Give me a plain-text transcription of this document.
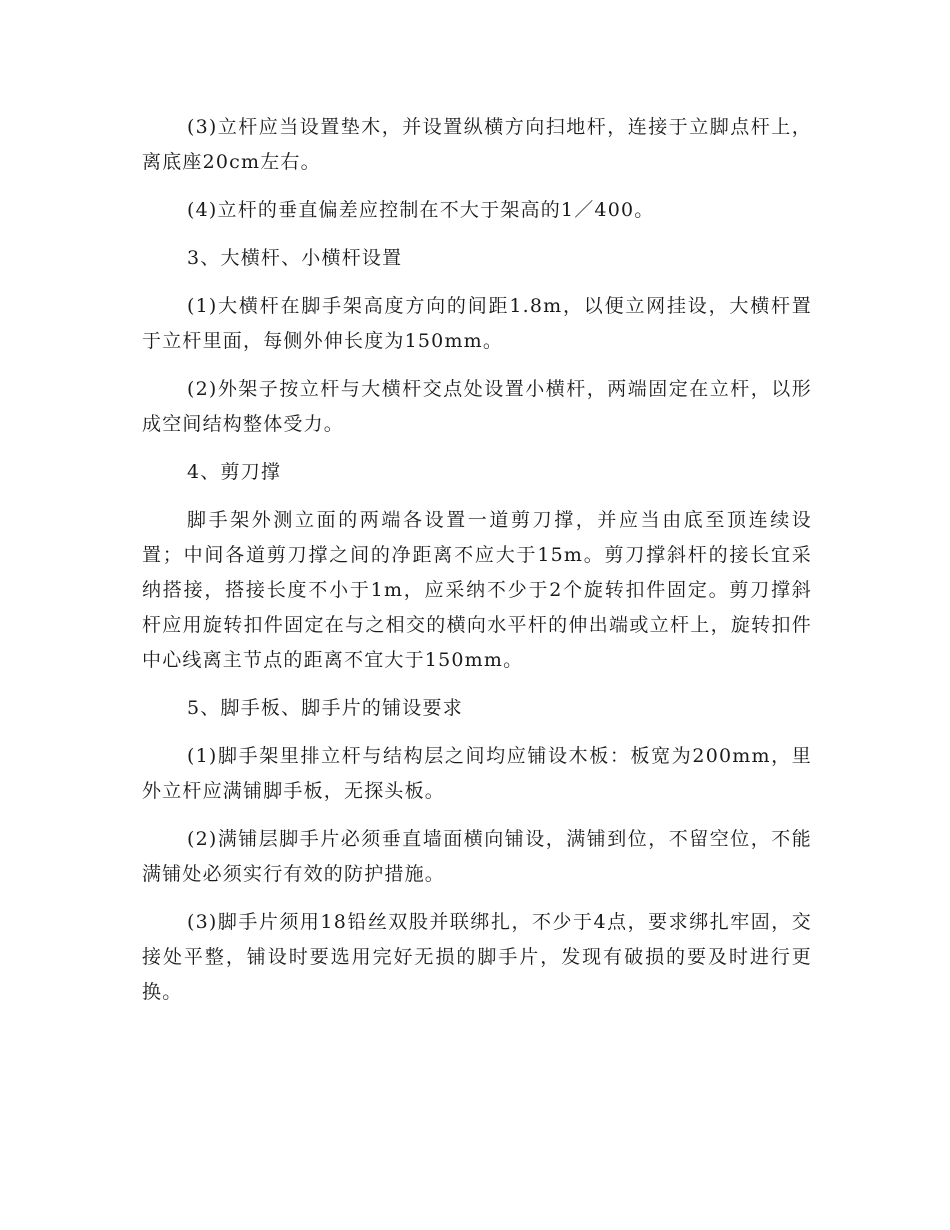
(3)立杆应当设置垫木，并设置纵横方向扫地杆，连接于立脚点杆上，离底座20cm左右。

(4)立杆的垂直偏差应控制在不大于架高的1／400。

3、大横杆、小横杆设置

(1)大横杆在脚手架高度方向的间距1.8m，以便立网挂设，大横杆置于立杆里面，每侧外伸长度为150mm。

(2)外架子按立杆与大横杆交点处设置小横杆，两端固定在立杆，以形成空间结构整体受力。

4、剪刀撑

脚手架外测立面的两端各设置一道剪刀撑，并应当由底至顶连续设置；中间各道剪刀撑之间的净距离不应大于15m。剪刀撑斜杆的接长宜采纳搭接，搭接长度不小于1m，应采纳不少于2个旋转扣件固定。剪刀撑斜杆应用旋转扣件固定在与之相交的横向水平杆的伸出端或立杆上，旋转扣件中心线离主节点的距离不宜大于150mm。

5、脚手板、脚手片的铺设要求

(1)脚手架里排立杆与结构层之间均应铺设木板：板宽为200mm，里外立杆应满铺脚手板，无探头板。

(2)满铺层脚手片必须垂直墙面横向铺设，满铺到位，不留空位，不能满铺处必须实行有效的防护措施。

(3)脚手片须用18铅丝双股并联绑扎，不少于4点，要求绑扎牢固，交接处平整，铺设时要选用完好无损的脚手片，发现有破损的要及时进行更换。
